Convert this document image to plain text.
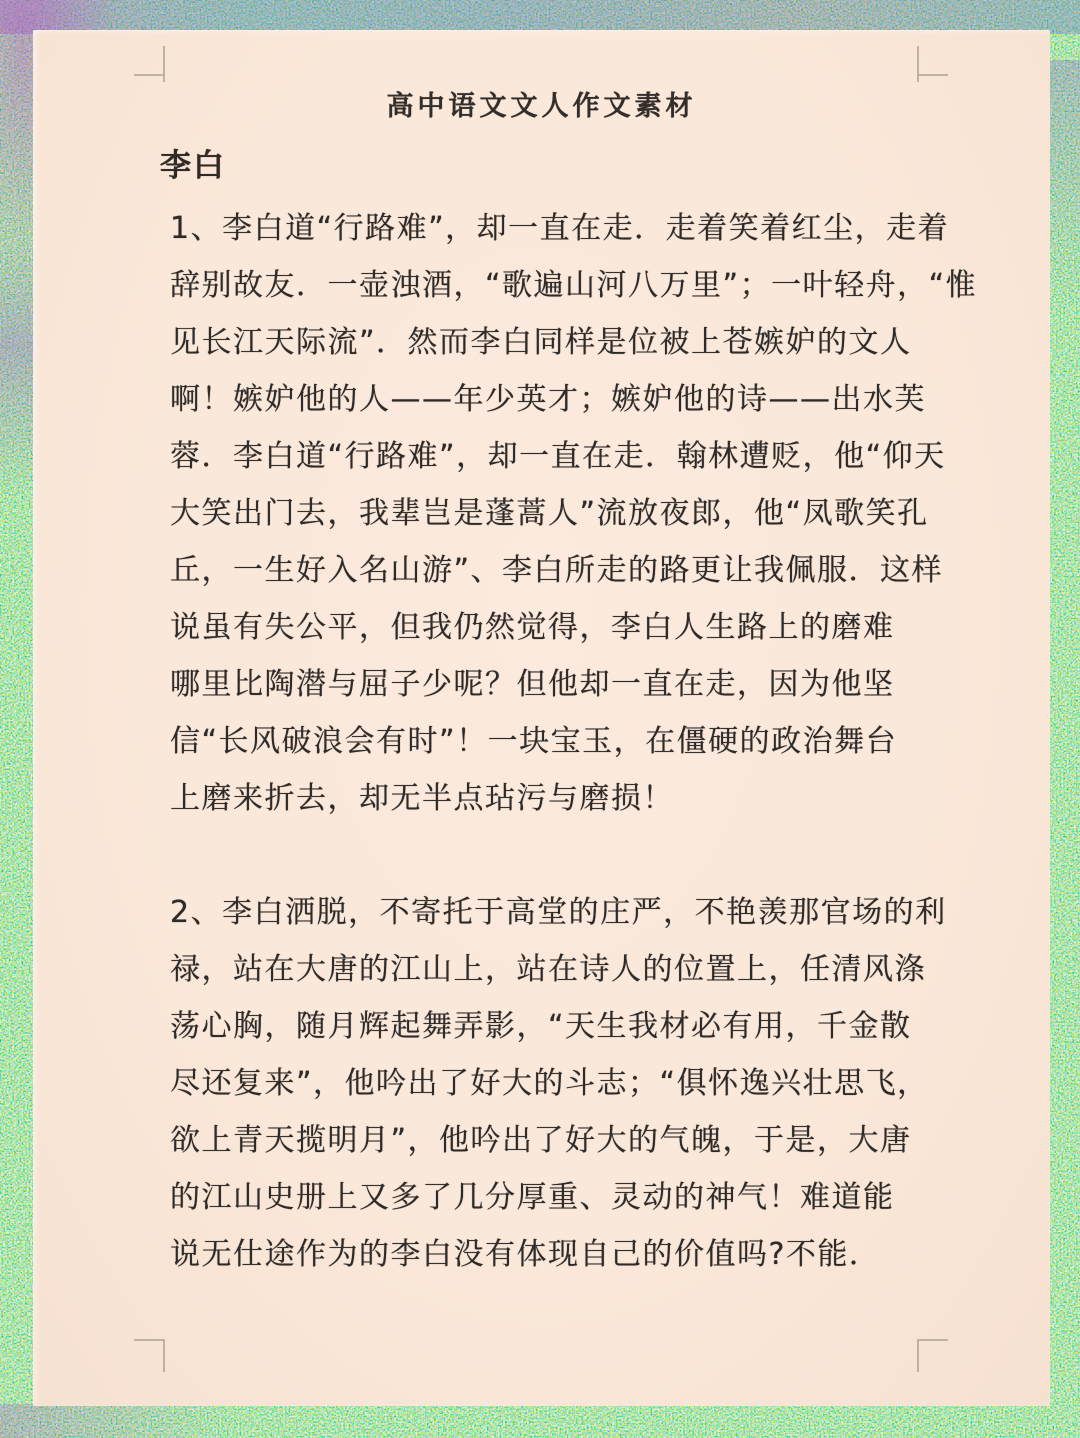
高中语文文人作文素材
李白
1、李白道“行路难”，却一直在走．走着笑着红尘，走着
辞别故友．一壶浊酒，“歌遍山河八万里”；一叶轻舟，“惟
见长江天际流”．然而李白同样是位被上苍嫉妒的文人
啊！嫉妒他的人——年少英才；嫉妒他的诗——出水芙
蓉．李白道“行路难”，却一直在走．翰林遭贬，他“仰天
大笑出门去，我辈岂是蓬蒿人”流放夜郎，他“凤歌笑孔
丘，一生好入名山游”、李白所走的路更让我佩服．这样
说虽有失公平，但我仍然觉得，李白人生路上的磨难
哪里比陶潜与屈子少呢？但他却一直在走，因为他坚
信“长风破浪会有时”！一块宝玉，在僵硬的政治舞台
上磨来折去，却无半点玷污与磨损！
2、李白洒脱，不寄托于高堂的庄严，不艳羡那官场的利
禄，站在大唐的江山上，站在诗人的位置上，任清风涤
荡心胸，随月辉起舞弄影，“天生我材必有用，千金散
尽还复来”，他吟出了好大的斗志；“俱怀逸兴壮思飞，
欲上青天揽明月”，他吟出了好大的气魄，于是，大唐
的江山史册上又多了几分厚重、灵动的神气！难道能
说无仕途作为的李白没有体现自己的价值吗?不能．
